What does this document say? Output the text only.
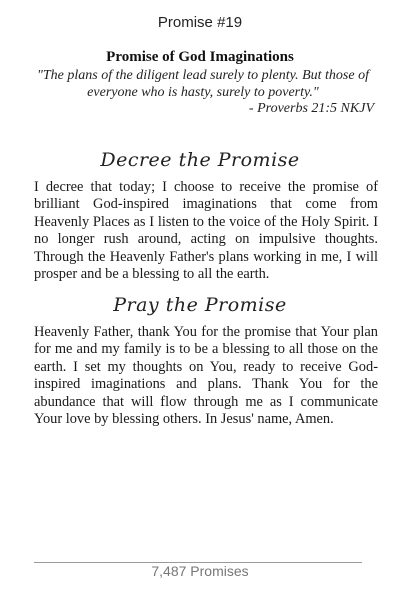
Promise #19
Promise of God Imaginations
"The plans of the diligent lead surely to plenty. But those of everyone who is hasty, surely to poverty."
- Proverbs 21:5 NKJV
Decree the Promise
I decree that today; I choose to receive the promise of brilliant God-inspired imaginations that come from Heavenly Places as I listen to the voice of the Holy Spirit. I no longer rush around, acting on impulsive thoughts. Through the Heavenly Father's plans working in me, I will prosper and be a blessing to all the earth.
Pray the Promise
Heavenly Father, thank You for the promise that Your plan for me and my family is to be a blessing to all those on the earth. I set my thoughts on You, ready to receive God-inspired imaginations and plans. Thank You for the abundance that will flow through me as I communicate Your love by blessing others. In Jesus' name, Amen.
7,487 Promises
